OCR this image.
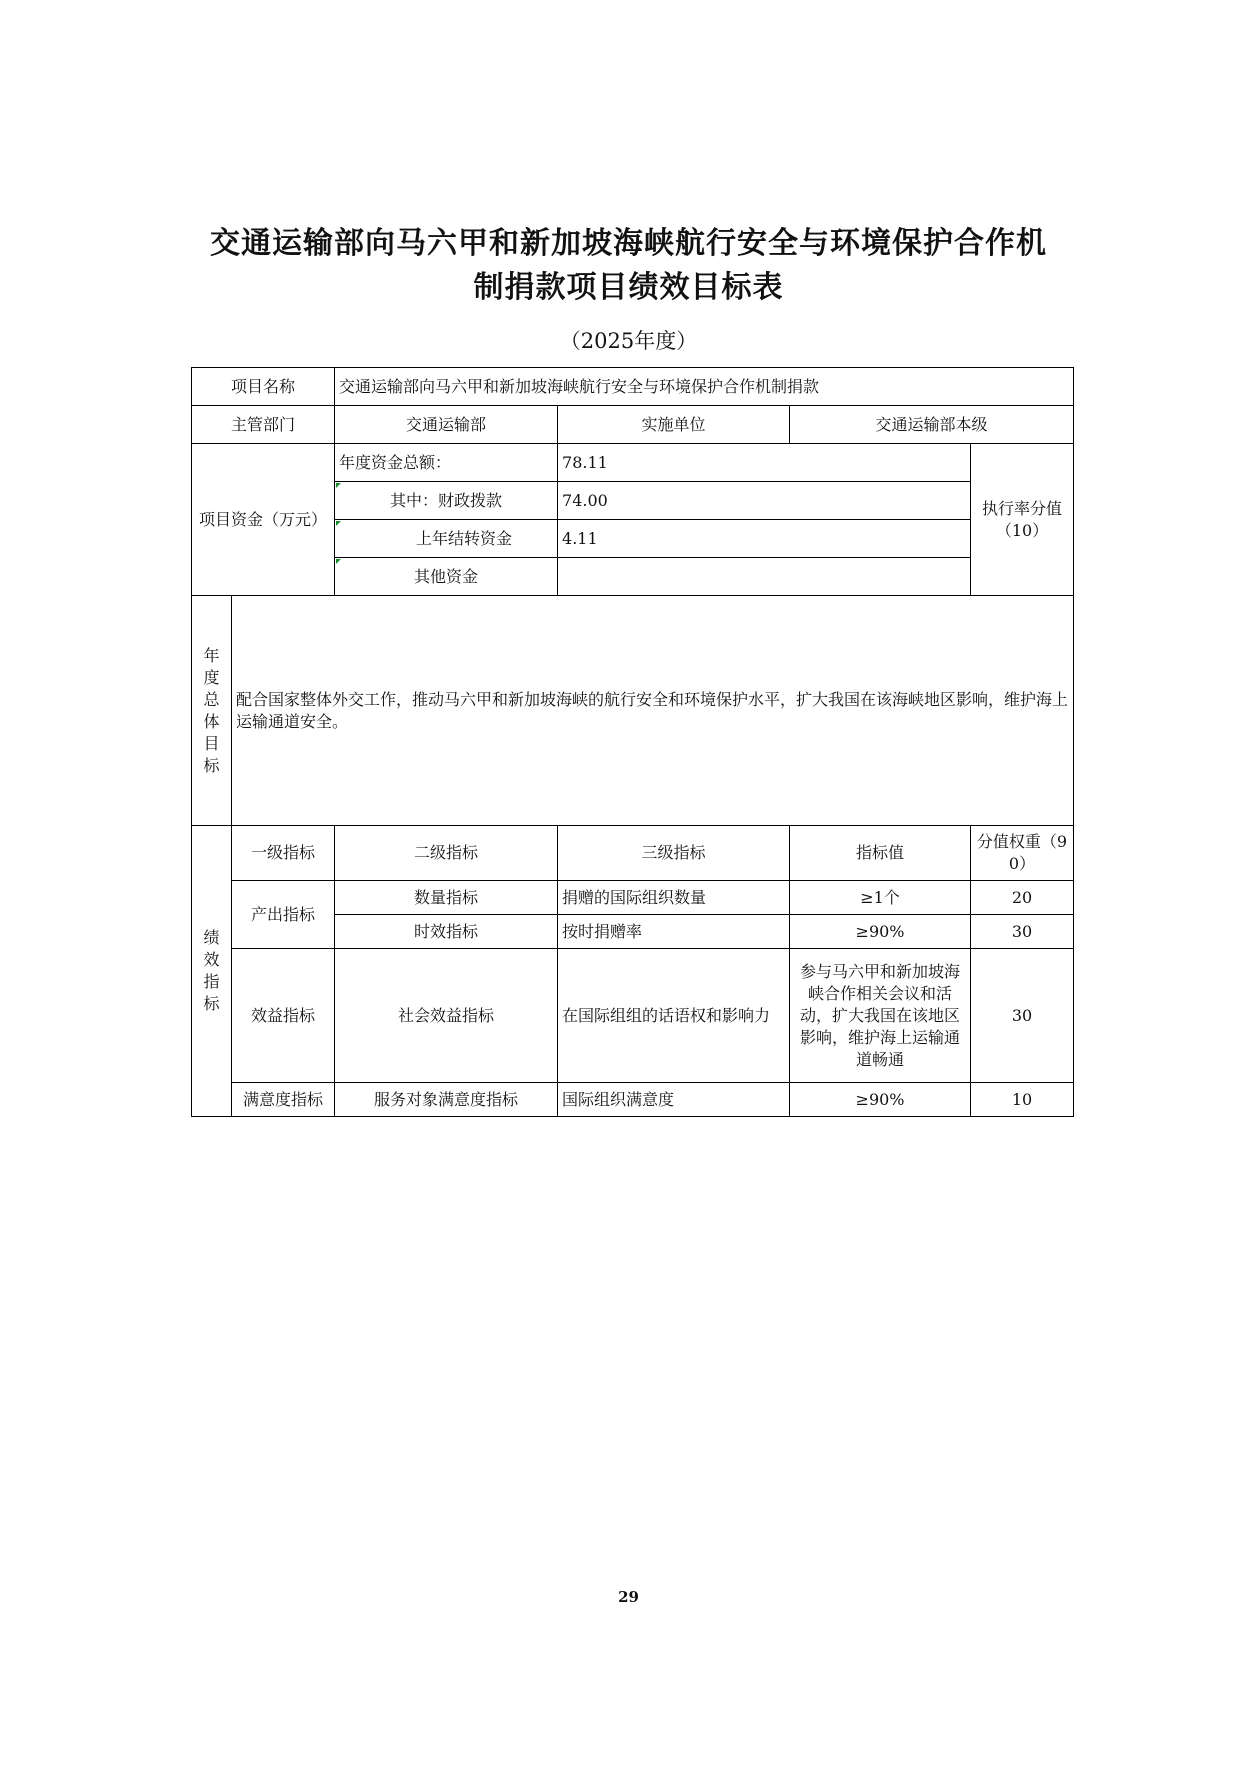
交通运输部向马六甲和新加坡海峡航行安全与环境保护合作机
制捐款项目绩效目标表
（2025年度）
项目名称		交通运输部向马六甲和新加坡海峡航行安全与环境保护合作机制捐款			
主管部门		交通运输部	实施单位	交通运输部本级	
项目资金（万元）		年度资金总额：	78.11		执行率分值（10）
		其中：财政拨款	74.00		
		上年结转资金	4.11		
		其他资金			
年度总体目标	配合国家整体外交工作，推动马六甲和新加坡海峡的航行安全和环境保护水平，扩大我国在该海峡地区影响，维护海上运输通道安全。				
绩效指标	一级指标	二级指标	三级指标	指标值	分值权重（90）
	产出指标	数量指标	捐赠的国际组织数量	≥1个	20
		时效指标	按时捐赠率	≥90%	30
	效益指标	社会效益指标	在国际组组的话语权和影响力	参与马六甲和新加坡海峡合作相关会议和活动，扩大我国在该地区影响，维护海上运输通道畅通	30
	满意度指标	服务对象满意度指标	国际组织满意度	≥90%	10
29
